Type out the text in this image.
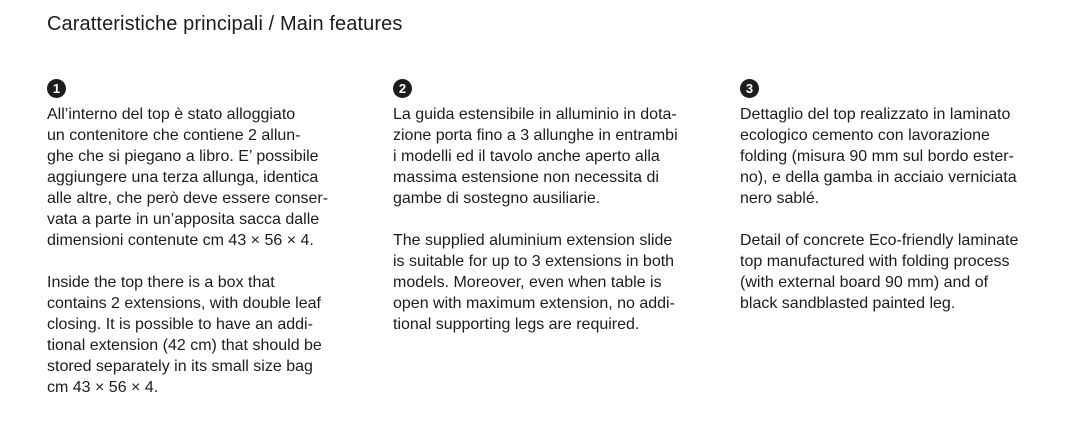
Caratteristiche principali / Main features
1
All’interno del top è stato alloggiato
un contenitore che contiene 2 allun-
ghe che si piegano a libro. E’ possibile
aggiungere una terza allunga, identica
alle altre, che però deve essere conser-
vata a parte in un’apposita sacca dalle
dimensioni contenute cm 43 × 56 × 4.
Inside the top there is a box that
contains 2 extensions, with double leaf
closing. It is possible to have an addi-
tional extension (42 cm) that should be
stored separately in its small size bag
cm 43 × 56 × 4.
2
La guida estensibile in alluminio in dota-
zione porta fino a 3 allunghe in entrambi
i modelli ed il tavolo anche aperto alla
massima estensione non necessita di
gambe di sostegno ausiliarie.
The supplied aluminium extension slide
is suitable for up to 3 extensions in both
models. Moreover, even when table is
open with maximum extension, no addi-
tional supporting legs are required.
3
Dettaglio del top realizzato in laminato
ecologico cemento con lavorazione
folding (misura 90 mm sul bordo ester-
no), e della gamba in acciaio verniciata
nero sablé.
Detail of concrete Eco-friendly laminate
top manufactured with folding process
(with external board 90 mm) and of
black sandblasted painted leg.
